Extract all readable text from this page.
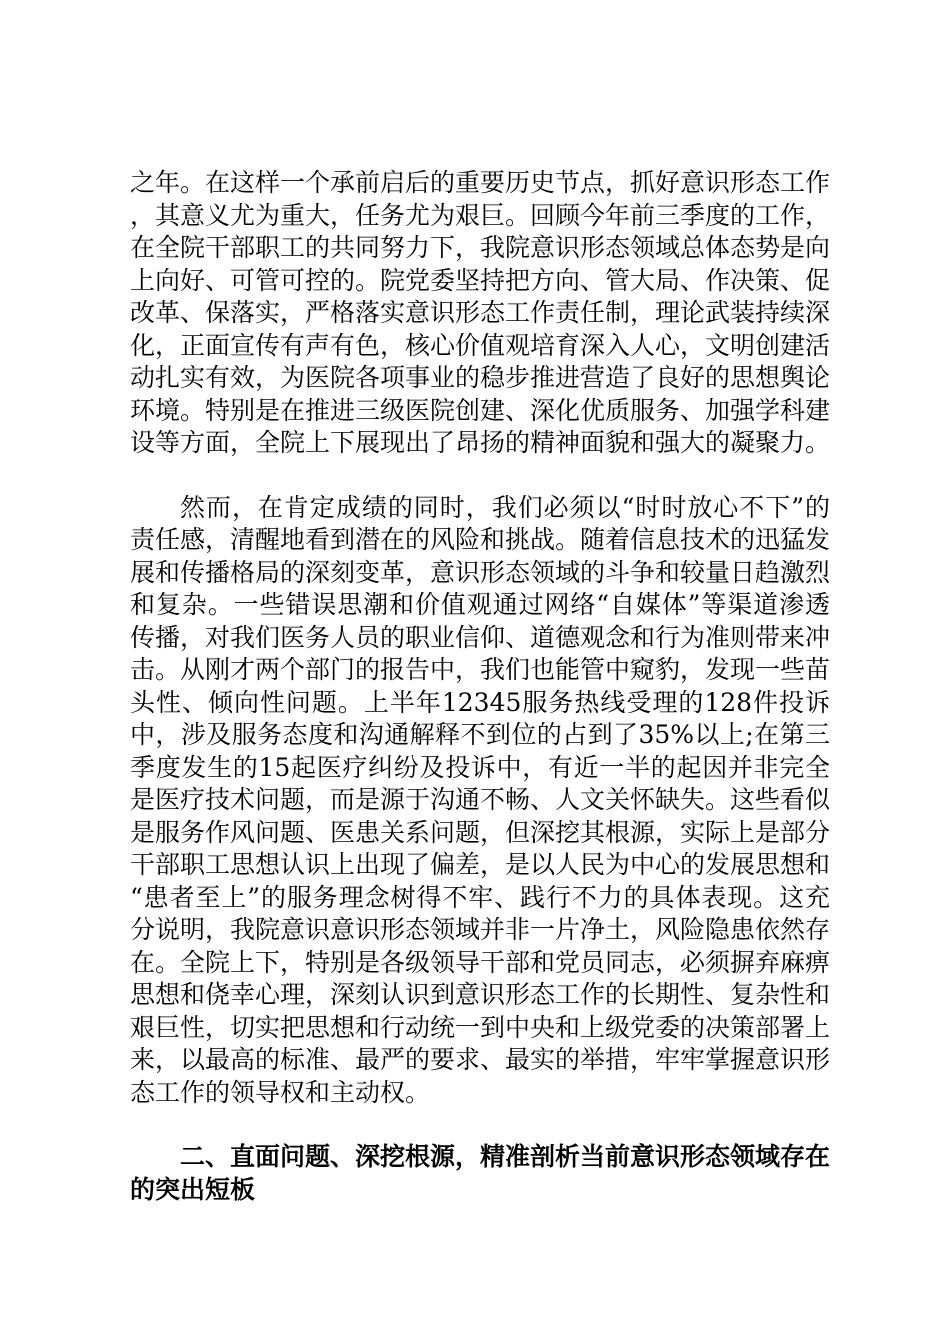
之年。在这样一个承前启后的重要历史节点，抓好意识形态工作，其意义尤为重大，任务尤为艰巨。回顾今年前三季度的工作，在全院干部职工的共同努力下，我院意识形态领域总体态势是向上向好、可管可控的。院党委坚持把方向、管大局、作决策、促改革、保落实，严格落实意识形态工作责任制，理论武装持续深化，正面宣传有声有色，核心价值观培育深入人心，文明创建活动扎实有效，为医院各项事业的稳步推进营造了良好的思想舆论环境。特别是在推进三级医院创建、深化优质服务、加强学科建设等方面，全院上下展现出了昂扬的精神面貌和强大的凝聚力。

然而，在肯定成绩的同时，我们必须以“时时放心不下”的责任感，清醒地看到潜在的风险和挑战。随着信息技术的迅猛发展和传播格局的深刻变革，意识形态领域的斗争和较量日趋激烈和复杂。一些错误思潮和价值观通过网络“自媒体”等渠道渗透传播，对我们医务人员的职业信仰、道德观念和行为准则带来冲击。从刚才两个部门的报告中，我们也能管中窥豹，发现一些苗头性、倾向性问题。上半年12345服务热线受理的128件投诉中，涉及服务态度和沟通解释不到位的占到了35%以上;在第三季度发生的15起医疗纠纷及投诉中，有近一半的起因并非完全是医疗技术问题，而是源于沟通不畅、人文关怀缺失。这些看似是服务作风问题、医患关系问题，但深挖其根源，实际上是部分干部职工思想认识上出现了偏差，是以人民为中心的发展思想和“患者至上”的服务理念树得不牢、践行不力的具体表现。这充分说明，我院意识意识形态领域并非一片净土，风险隐患依然存在。全院上下，特别是各级领导干部和党员同志，必须摒弃麻痹思想和侥幸心理，深刻认识到意识形态工作的长期性、复杂性和艰巨性，切实把思想和行动统一到中央和上级党委的决策部署上来，以最高的标准、最严的要求、最实的举措，牢牢掌握意识形态工作的领导权和主动权。

二、直面问题、深挖根源，精准剖析当前意识形态领域存在的突出短板
